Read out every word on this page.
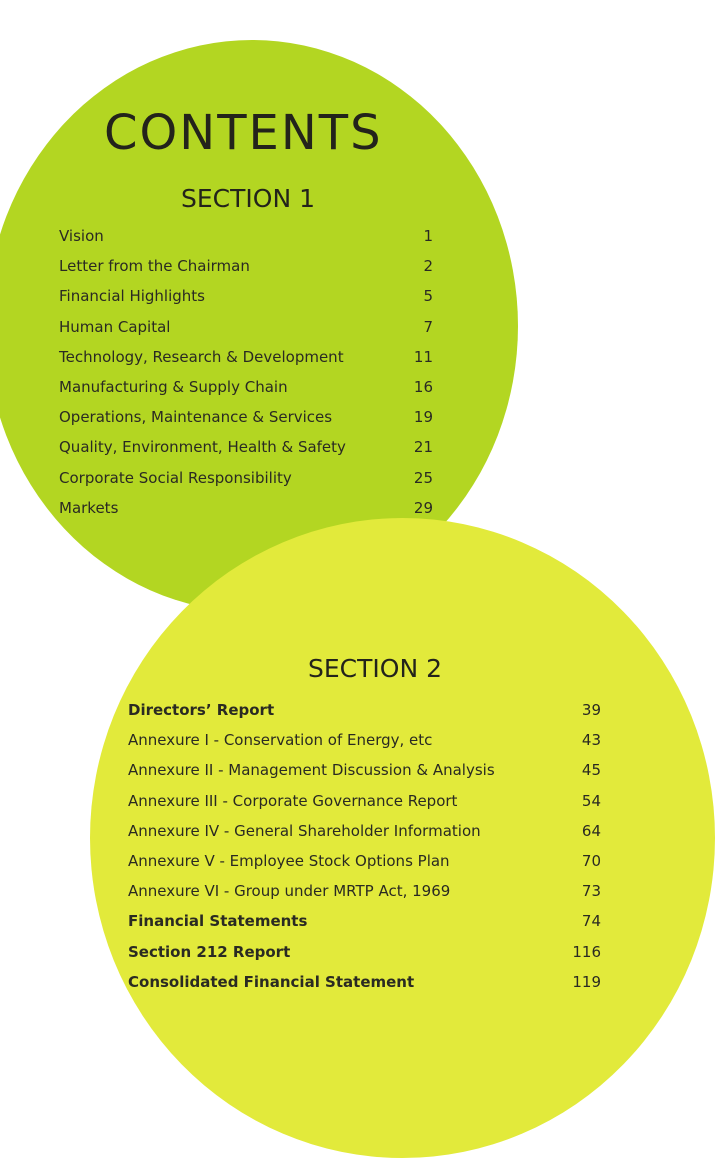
CONTENTS
SECTION 1
Vision	1
Letter from the Chairman	2
Financial Highlights	5
Human Capital	7
Technology, Research & Development	11
Manufacturing & Supply Chain	16
Operations, Maintenance & Services	19
Quality, Environment, Health & Safety	21
Corporate Social Responsibility	25
Markets	29
SECTION 2
Directors’ Report	39
Annexure I - Conservation of Energy, etc	43
Annexure II - Management Discussion & Analysis	45
Annexure III - Corporate Governance Report	54
Annexure IV - General Shareholder Information	64
Annexure V - Employee Stock Options Plan	70
Annexure VI - Group under MRTP Act, 1969	73
Financial Statements	74
Section 212 Report	116
Consolidated Financial Statement	119
